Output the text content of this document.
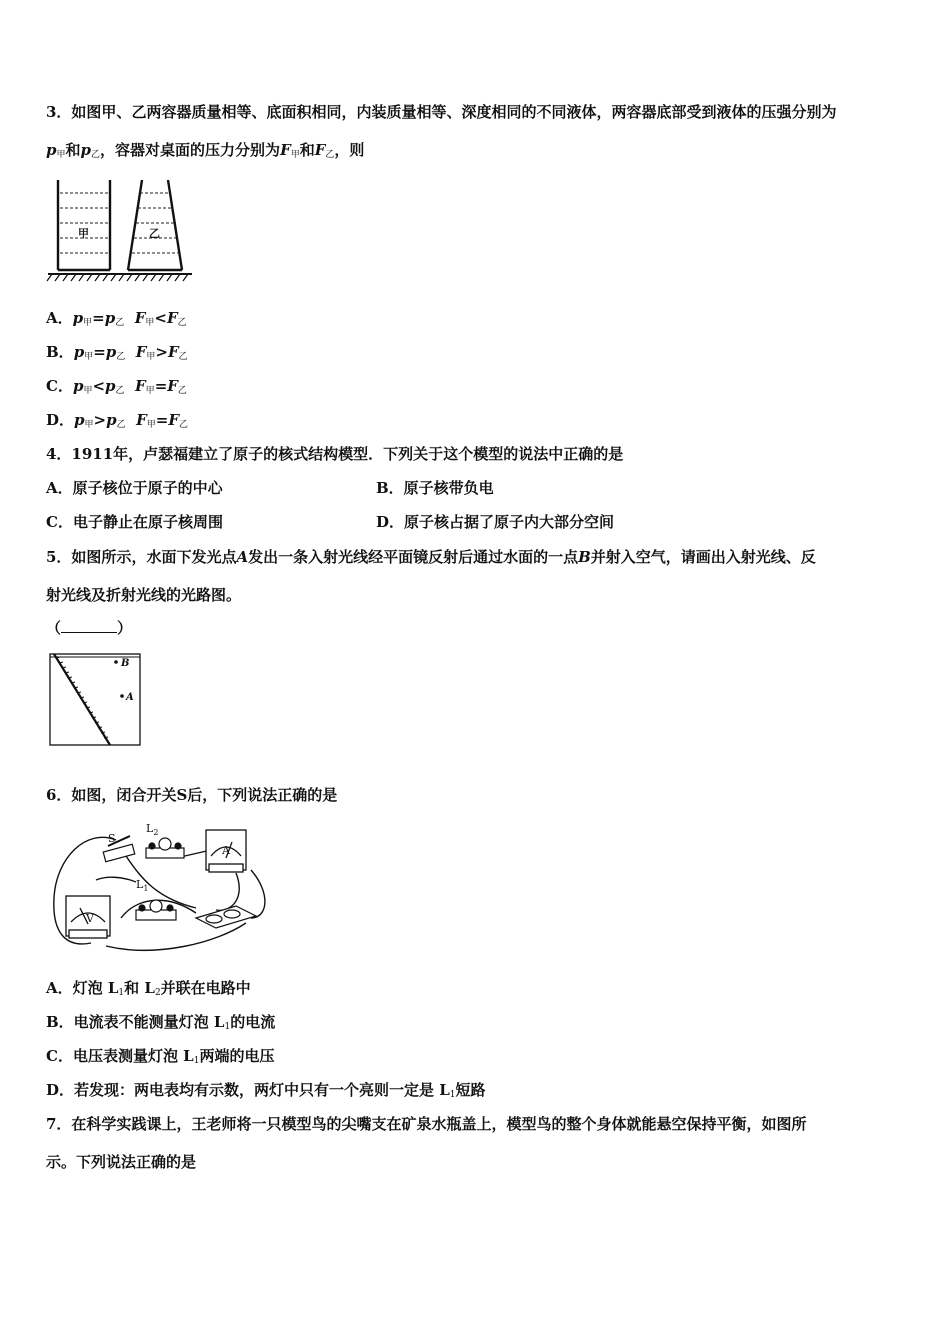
3．如图甲、乙两容器质量相等、底面积相同，内装质量相等、深度相同的不同液体，两容器底部受到液体的压强分别为
$p_甲$和$p_乙$，容器对桌面的压力分别为$F_甲$和$F_乙$，则
甲	乙
A．$p_甲=p_乙$ $F_甲<F_乙$
B．$p_甲=p_乙$ $F_甲>F_乙$
C．$p_甲<p_乙$ $F_甲=F_乙$
D．$p_甲>p_乙$ $F_甲=F_乙$
4．1911年，卢瑟福建立了原子的核式结构模型．下列关于这个模型的说法中正确的是
A．原子核位于原子的中心	B．原子核带负电
C．电子静止在原子核周围	D．原子核占据了原子内大部分空间
5．如图所示，水面下发光点A发出一条入射光线经平面镜反射后通过水面的一点B并射入空气，请画出入射光线、反
射光线及折射光线的光路图。
（	）
B
A
6．如图，闭合开关S后，下列说法正确的是
S
$L_2$
A
$L_1$
V
A．灯泡 $L_1$和 $L_2$并联在电路中
B．电流表不能测量灯泡 $L_1$的电流
C．电压表测量灯泡 $L_1$两端的电压
D．若发现：两电表均有示数，两灯中只有一个亮则一定是 $L_1$短路
7．在科学实践课上，王老师将一只模型鸟的尖嘴支在矿泉水瓶盖上，模型鸟的整个身体就能悬空保持平衡，如图所
示。下列说法正确的是
